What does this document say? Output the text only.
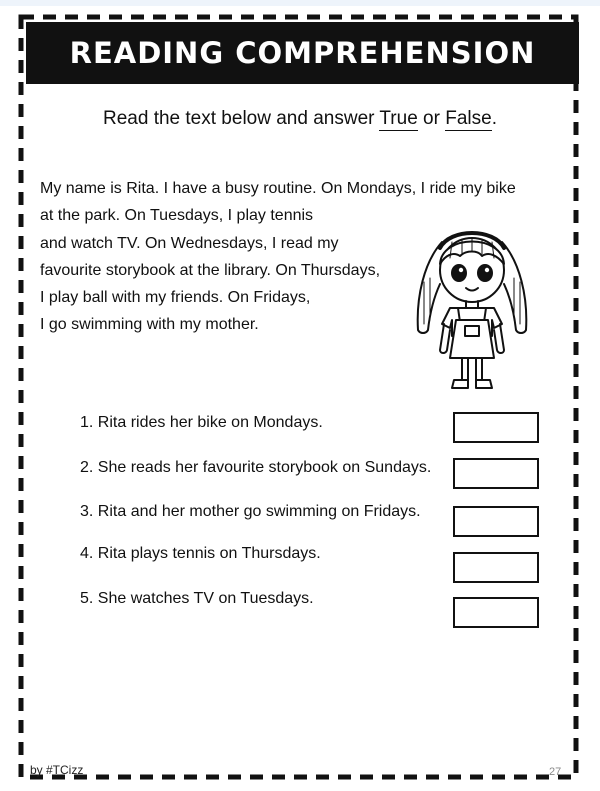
READING COMPREHENSION
Read the text below and answer True or False.
My name is Rita. I have a busy routine. On Mondays, I ride my bike
at the park. On Tuesdays, I play tennis
and watch TV. On Wednesdays, I read my
favourite storybook at the library. On Thursdays,
I play ball with my friends. On Fridays,
I go swimming with my mother.
1. Rita rides her bike on Mondays.
2. She reads her favourite storybook on Sundays.
3. Rita and her mother go swimming on Fridays.
4. Rita plays tennis on Thursdays.
5. She watches TV on Tuesdays.
by #TCizz	27
